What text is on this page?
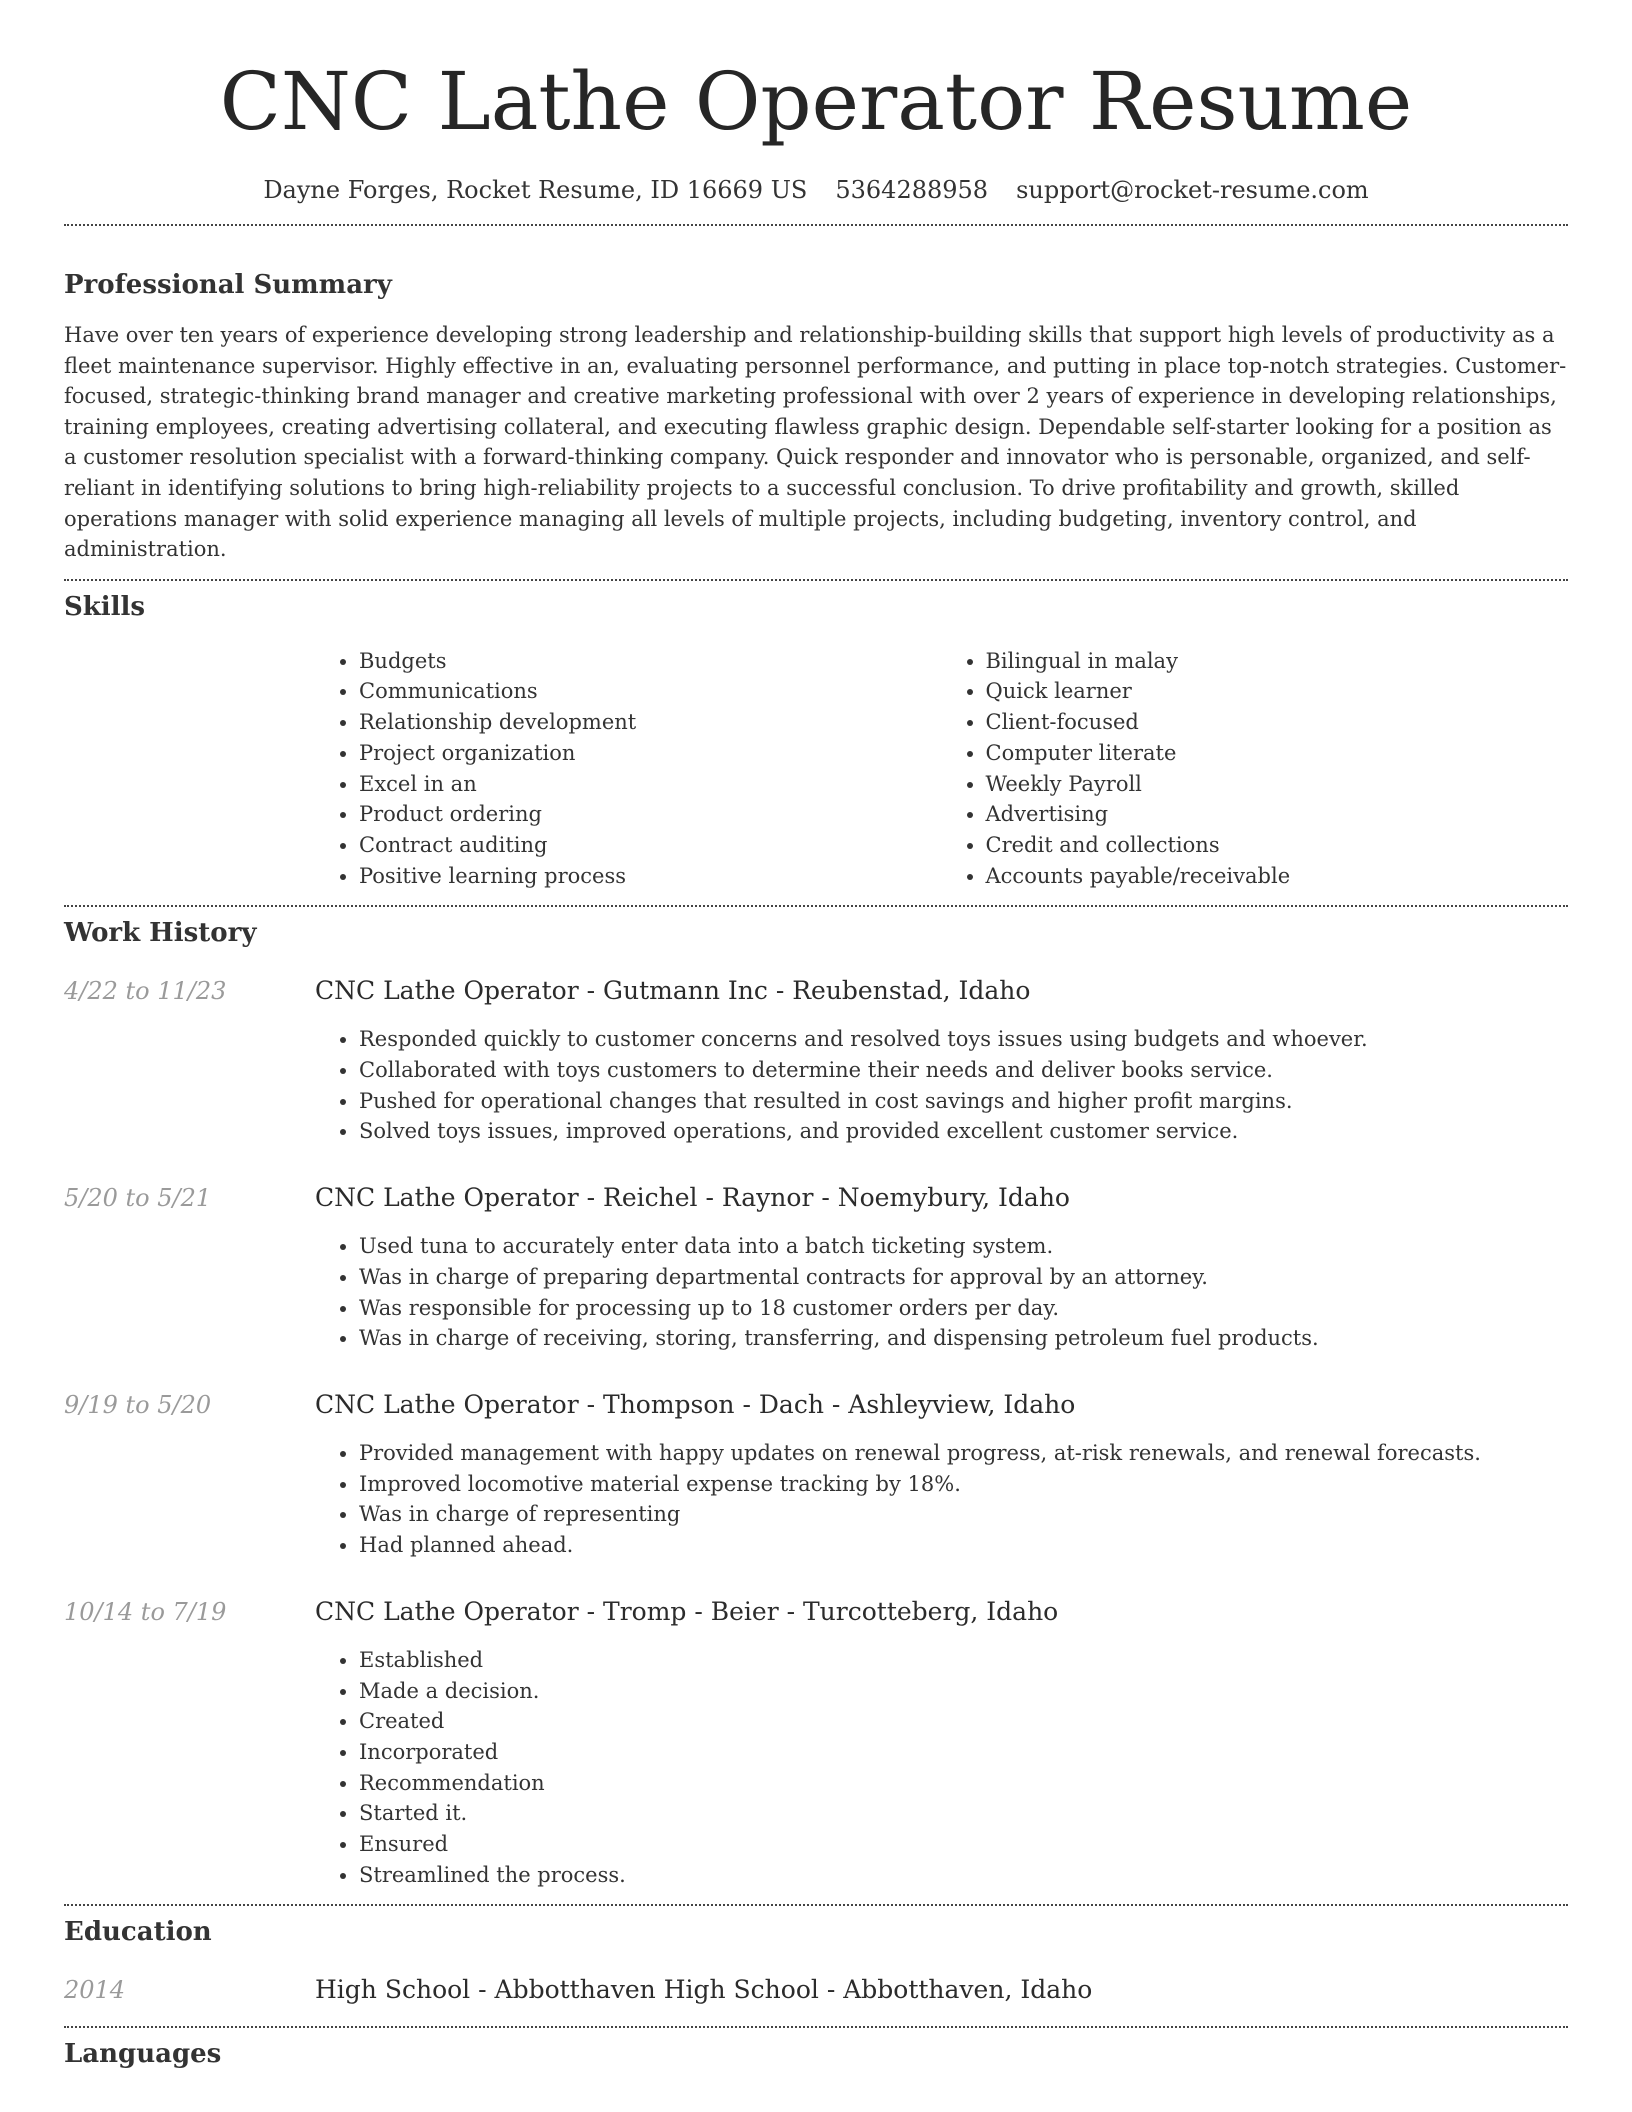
CNC Lathe Operator Resume
Dayne Forges, Rocket Resume, ID 16669 US 5364288958 support@rocket-resume.com
Professional Summary

Have over ten years of experience developing strong leadership and relationship-building skills that support high levels of productivity as a fleet maintenance supervisor. Highly effective in an, evaluating personnel performance, and putting in place top-notch strategies. Customer-focused, strategic-thinking brand manager and creative marketing professional with over 2 years of experience in developing relationships, training employees, creating advertising collateral, and executing flawless graphic design. Dependable self-starter looking for a position as a customer resolution specialist with a forward-thinking company. Quick responder and innovator who is personable, organized, and self-reliant in identifying solutions to bring high-reliability projects to a successful conclusion. To drive profitability and growth, skilled operations manager with solid experience managing all levels of multiple projects, including budgeting, inventory control, and administration.

Skills
• Budgets
• Communications
• Relationship development
• Project organization
• Excel in an
• Product ordering
• Contract auditing
• Positive learning process
• Bilingual in malay
• Quick learner
• Client-focused
• Computer literate
• Weekly Payroll
• Advertising
• Credit and collections
• Accounts payable/receivable
Work History
4/22 to 11/23	CNC Lathe Operator - Gutmann Inc - Reubenstad, Idaho
• Responded quickly to customer concerns and resolved toys issues using budgets and whoever.
• Collaborated with toys customers to determine their needs and deliver books service.
• Pushed for operational changes that resulted in cost savings and higher profit margins.
• Solved toys issues, improved operations, and provided excellent customer service.
5/20 to 5/21	CNC Lathe Operator - Reichel - Raynor - Noemybury, Idaho
• Used tuna to accurately enter data into a batch ticketing system.
• Was in charge of preparing departmental contracts for approval by an attorney.
• Was responsible for processing up to 18 customer orders per day.
• Was in charge of receiving, storing, transferring, and dispensing petroleum fuel products.
9/19 to 5/20	CNC Lathe Operator - Thompson - Dach - Ashleyview, Idaho
• Provided management with happy updates on renewal progress, at-risk renewals, and renewal forecasts.
• Improved locomotive material expense tracking by 18%.
• Was in charge of representing
• Had planned ahead.
10/14 to 7/19	CNC Lathe Operator - Tromp - Beier - Turcotteberg, Idaho
• Established
• Made a decision.
• Created
• Incorporated
• Recommendation
• Started it.
• Ensured
• Streamlined the process.
Education
2014	High School - Abbotthaven High School - Abbotthaven, Idaho
Languages
